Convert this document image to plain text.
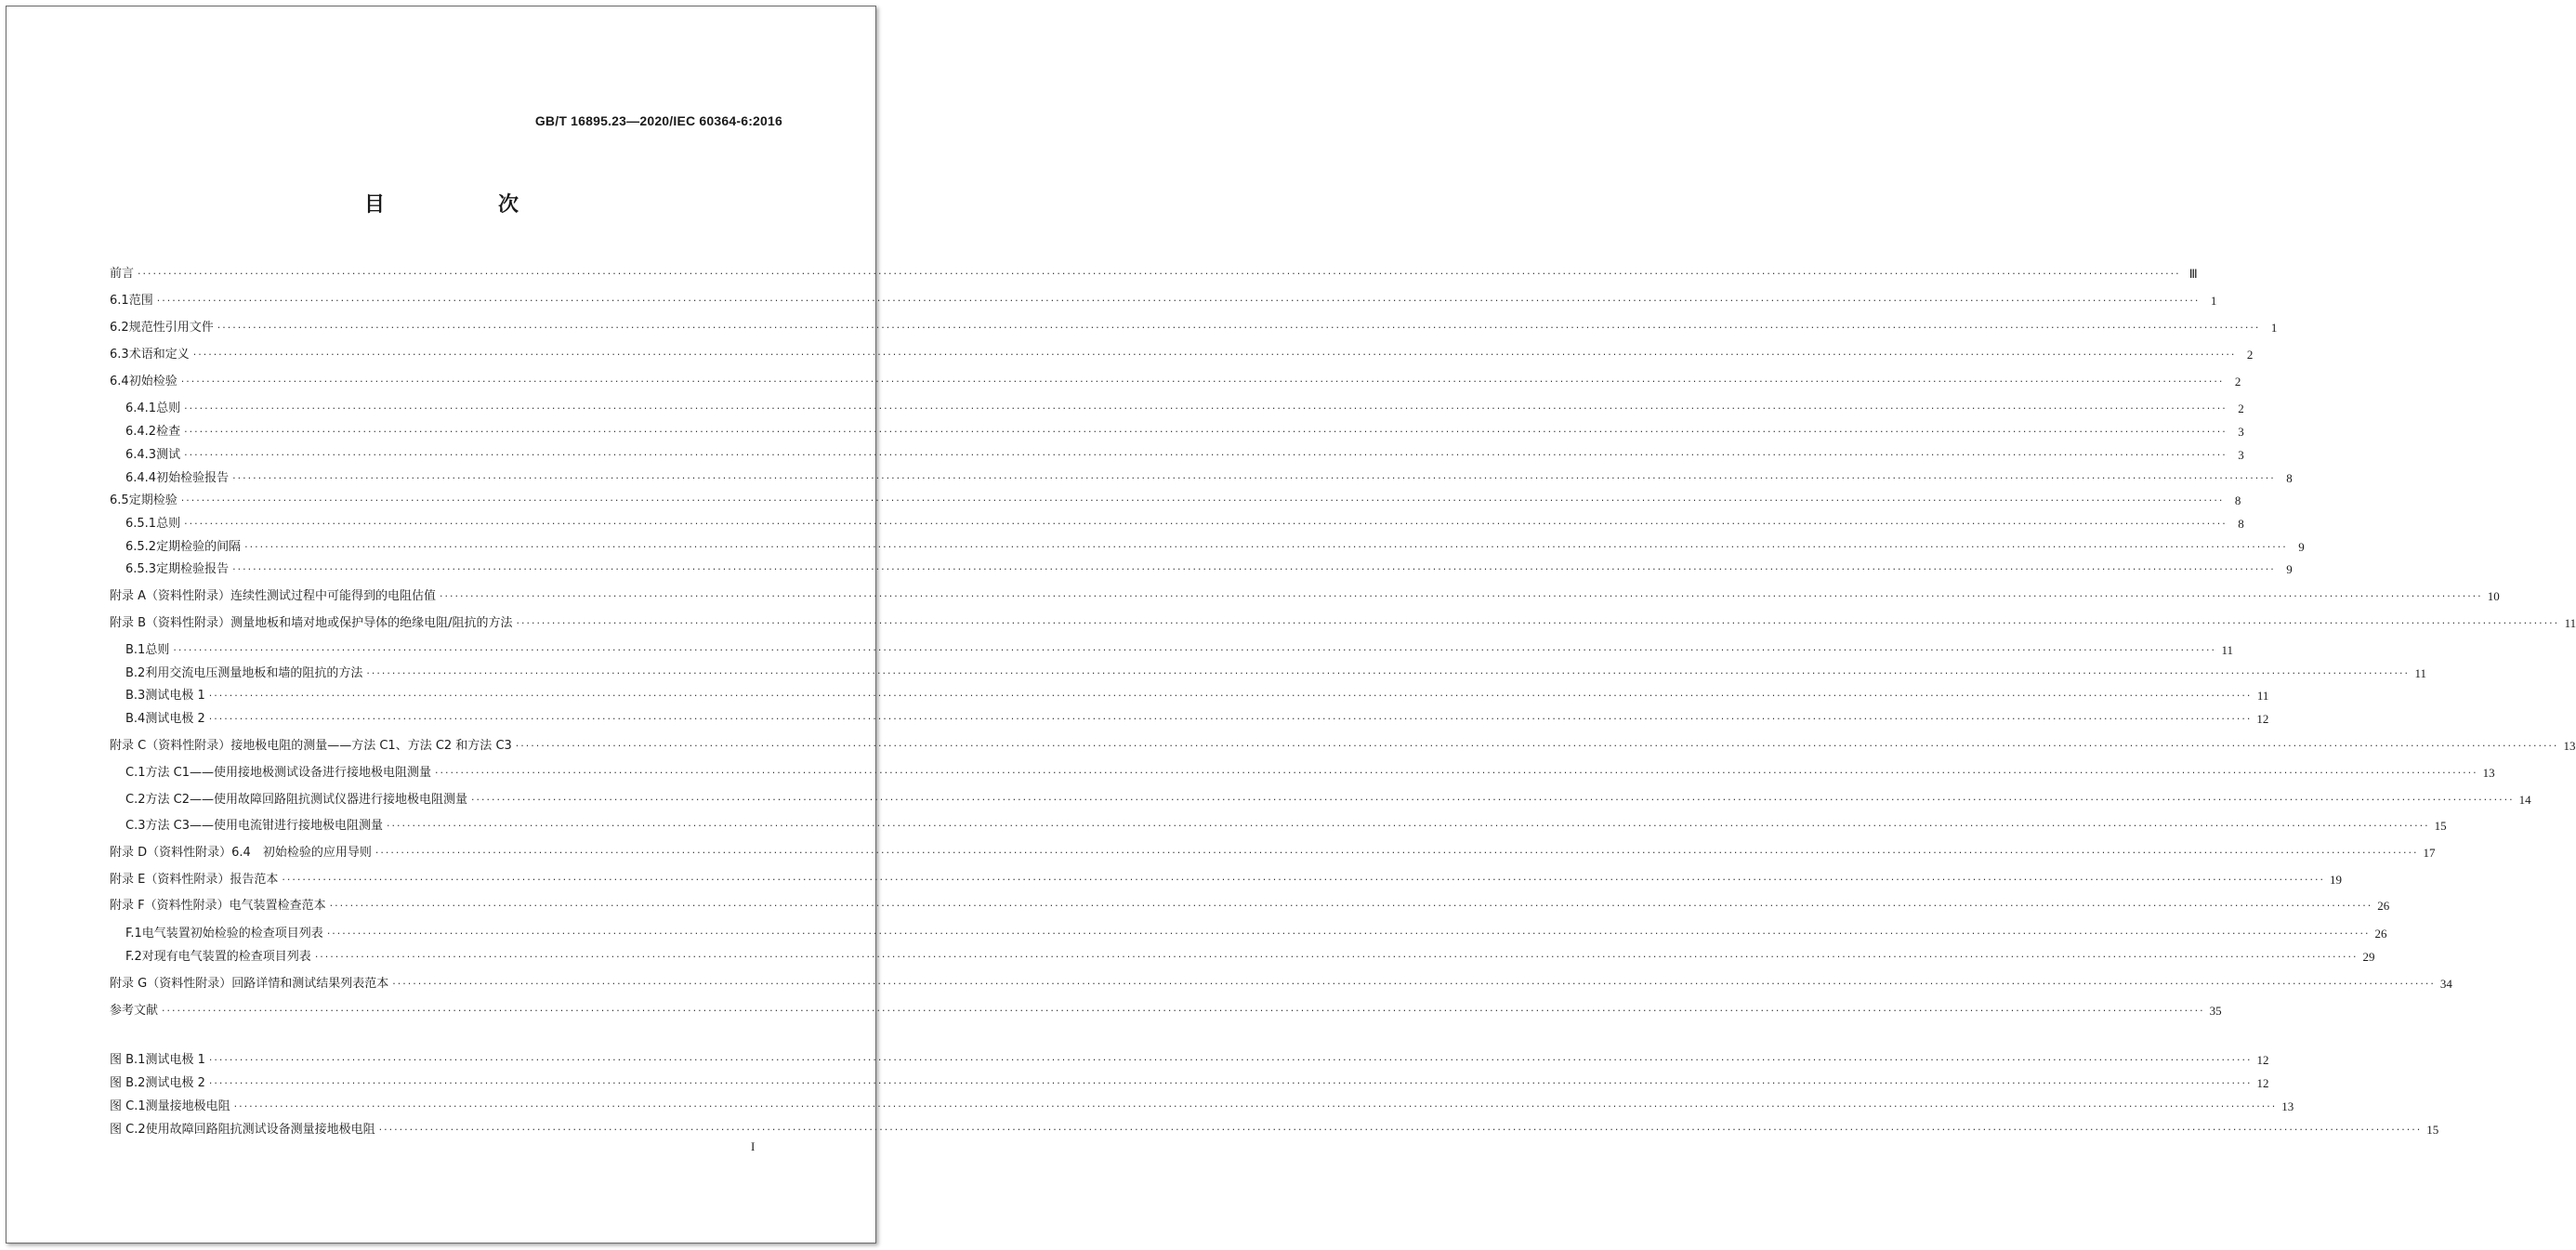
GB/T 16895.23—2020/IEC 60364-6:2016
目　次
前言 ················································································································································································································································································································································································································ Ⅲ
6.1 范围 ················································································································································································································································································································································································································ 1
6.2 规范性引用文件 ················································································································································································································································································································································································································ 1
6.3 术语和定义 ················································································································································································································································································································································································································ 2
6.4 初始检验 ················································································································································································································································································································································································································ 2
6.4.1 总则 ················································································································································································································································································································································································································ 2
6.4.2 检查 ················································································································································································································································································································································································································ 3
6.4.3 测试 ················································································································································································································································································································································································································ 3
6.4.4 初始检验报告 ················································································································································································································································································································································································································ 8
6.5 定期检验 ················································································································································································································································································································································································································ 8
6.5.1 总则 ················································································································································································································································································································································································································ 8
6.5.2 定期检验的间隔 ················································································································································································································································································································································································································ 9
6.5.3 定期检验报告 ················································································································································································································································································································································································································ 9
附录 A（资料性附录） 连续性测试过程中可能得到的电阻估值 ················································································································································································································································································································································································································ 10
附录 B（资料性附录） 测量地板和墙对地或保护导体的绝缘电阻/阻抗的方法 ················································································································································································································································································································································································································ 11
B.1 总则 ················································································································································································································································································································································································································ 11
B.2 利用交流电压测量地板和墙的阻抗的方法 ················································································································································································································································································································································································································ 11
B.3 测试电极 1 ················································································································································································································································································································································································································ 11
B.4 测试电极 2 ················································································································································································································································································································································································································ 12
附录 C（资料性附录） 接地极电阻的测量——方法 C1、方法 C2 和方法 C3 ················································································································································································································································································································································································································ 13
C.1 方法 C1——使用接地极测试设备进行接地极电阻测量 ················································································································································································································································································································································································································ 13
C.2 方法 C2——使用故障回路阻抗测试仪器进行接地极电阻测量 ················································································································································································································································································································································································································ 14
C.3 方法 C3——使用电流钳进行接地极电阻测量 ················································································································································································································································································································································································································ 15
附录 D（资料性附录） 6.4　初始检验的应用导则 ················································································································································································································································································································································································································ 17
附录 E（资料性附录） 报告范本 ················································································································································································································································································································································································································ 19
附录 F（资料性附录） 电气装置检查范本 ················································································································································································································································································································································································································ 26
F.1 电气装置初始检验的检查项目列表 ················································································································································································································································································································································································································ 26
F.2 对现有电气装置的检查项目列表 ················································································································································································································································································································································································································ 29
附录 G（资料性附录） 回路详情和测试结果列表范本 ················································································································································································································································································································································································································ 34
参考文献 ················································································································································································································································································································································································································ 35
图 B.1 测试电极 1 ················································································································································································································································································································································································································ 12
图 B.2 测试电极 2 ················································································································································································································································································································································································································ 12
图 C.1 测量接地极电阻 ················································································································································································································································································································································································································ 13
图 C.2 使用故障回路阻抗测试设备测量接地极电阻 ················································································································································································································································································································································································································ 15
I
